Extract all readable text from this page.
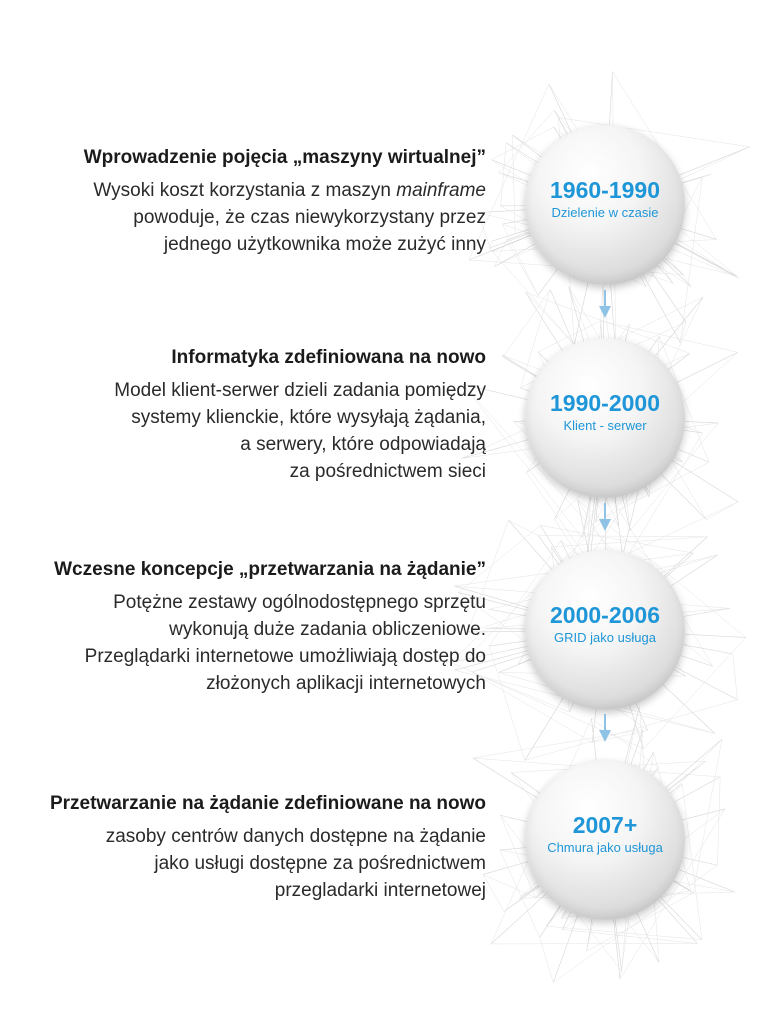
Wprowadzenie pojęcia „maszyny wirtualnej”
Wysoki koszt korzystania z maszyn mainframe
powoduje, że czas niewykorzystany przez
jednego użytkownika może zużyć inny
Informatyka zdefiniowana na nowo
Model klient-serwer dzieli zadania pomiędzy
systemy klienckie, które wysyłają żądania,
a serwery, które odpowiadają
za pośrednictwem sieci
Wczesne koncepcje „przetwarzania na żądanie”
Potężne zestawy ogólnodostępnego sprzętu
wykonują duże zadania obliczeniowe.
Przeglądarki internetowe umożliwiają dostęp do
złożonych aplikacji internetowych
Przetwarzanie na żądanie zdefiniowane na nowo
zasoby centrów danych dostępne na żądanie
jako usługi dostępne za pośrednictwem
przegladarki internetowej
1960-1990
Dzielenie w czasie
1990-2000
Klient - serwer
2000-2006
GRID jako usługa
2007+
Chmura jako usługa
